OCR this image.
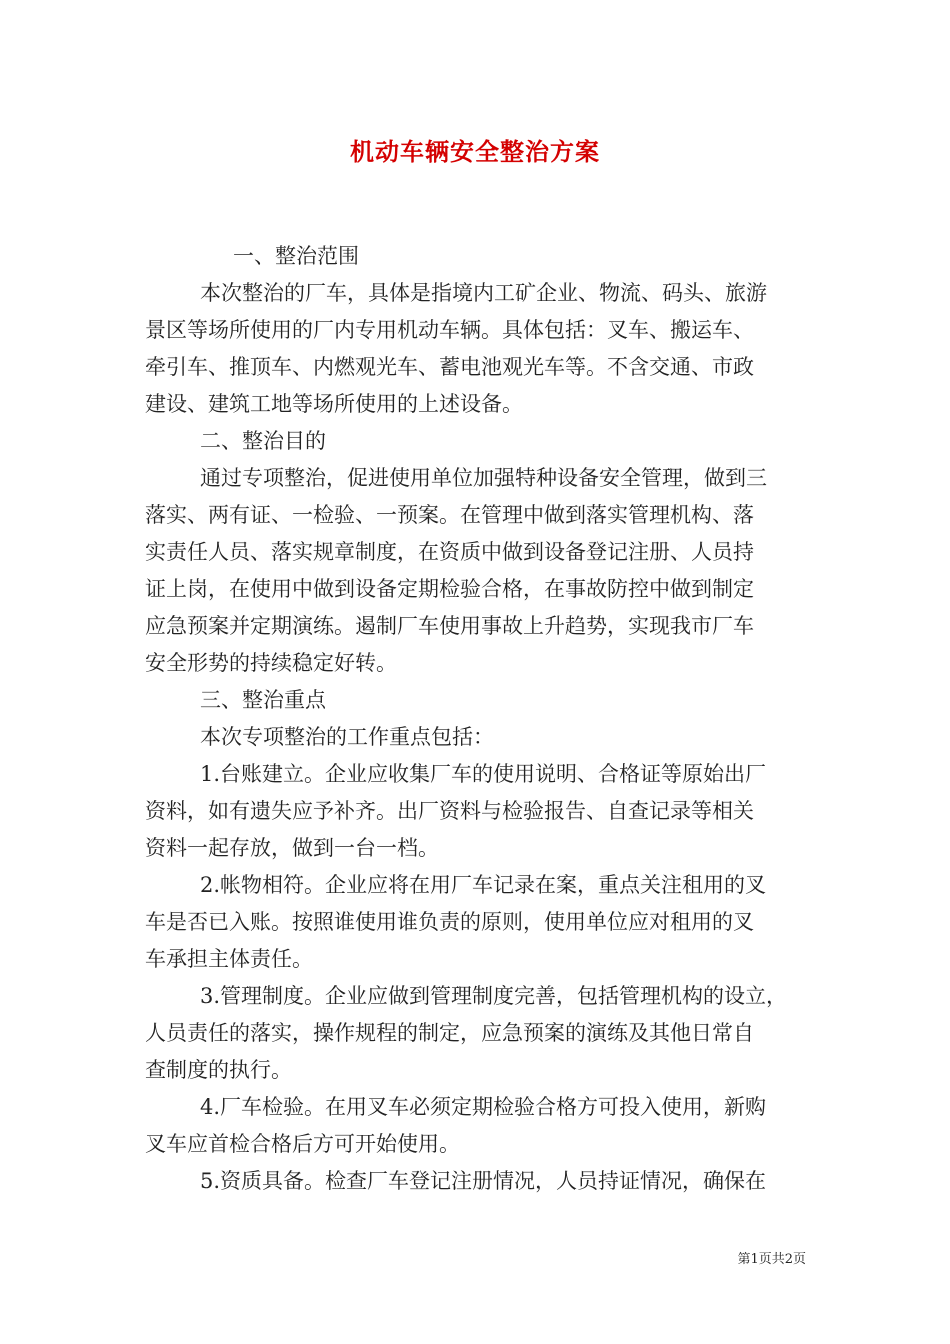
机动车辆安全整治方案
一、整治范围
本次整治的厂车，具体是指境内工矿企业、物流、码头、旅游
景区等场所使用的厂内专用机动车辆。具体包括：叉车、搬运车、
牵引车、推顶车、内燃观光车、蓄电池观光车等。不含交通、市政
建设、建筑工地等场所使用的上述设备。
二、整治目的
通过专项整治，促进使用单位加强特种设备安全管理，做到三
落实、两有证、一检验、一预案。在管理中做到落实管理机构、落
实责任人员、落实规章制度，在资质中做到设备登记注册、人员持
证上岗，在使用中做到设备定期检验合格，在事故防控中做到制定
应急预案并定期演练。遏制厂车使用事故上升趋势，实现我市厂车
安全形势的持续稳定好转。
三、整治重点
本次专项整治的工作重点包括：
1.台账建立。企业应收集厂车的使用说明、合格证等原始出厂
资料，如有遗失应予补齐。出厂资料与检验报告、自查记录等相关
资料一起存放，做到一台一档。
2.帐物相符。企业应将在用厂车记录在案，重点关注租用的叉
车是否已入账。按照谁使用谁负责的原则，使用单位应对租用的叉
车承担主体责任。
3.管理制度。企业应做到管理制度完善，包括管理机构的设立，
人员责任的落实，操作规程的制定，应急预案的演练及其他日常自
查制度的执行。
4.厂车检验。在用叉车必须定期检验合格方可投入使用，新购
叉车应首检合格后方可开始使用。
5.资质具备。检查厂车登记注册情况，人员持证情况，确保在
第1页共2页
